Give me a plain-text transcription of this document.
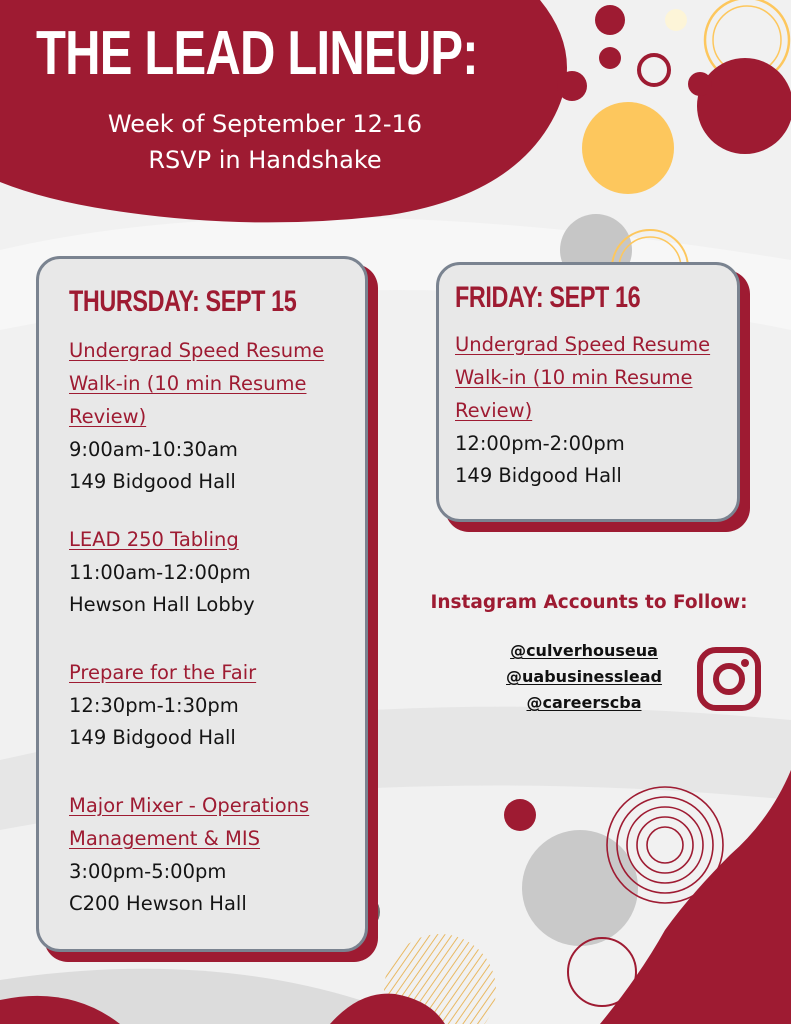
THE LEAD LINEUP:
Week of September 12-16
RSVP in Handshake
THURSDAY: SEPT 15
Undergrad Speed Resume Walk-in (10 min Resume Review)
9:00am-10:30am
149 Bidgood Hall
LEAD 250 Tabling
11:00am-12:00pm
Hewson Hall Lobby
Prepare for the Fair
12:30pm-1:30pm
149 Bidgood Hall
Major Mixer - Operations Management & MIS
3:00pm-5:00pm
C200 Hewson Hall
FRIDAY: SEPT 16
Undergrad Speed Resume Walk-in (10 min Resume Review)
12:00pm-2:00pm
149 Bidgood Hall
Instagram Accounts to Follow:
@culverhouseua
@uabusinesslead
@careerscba
